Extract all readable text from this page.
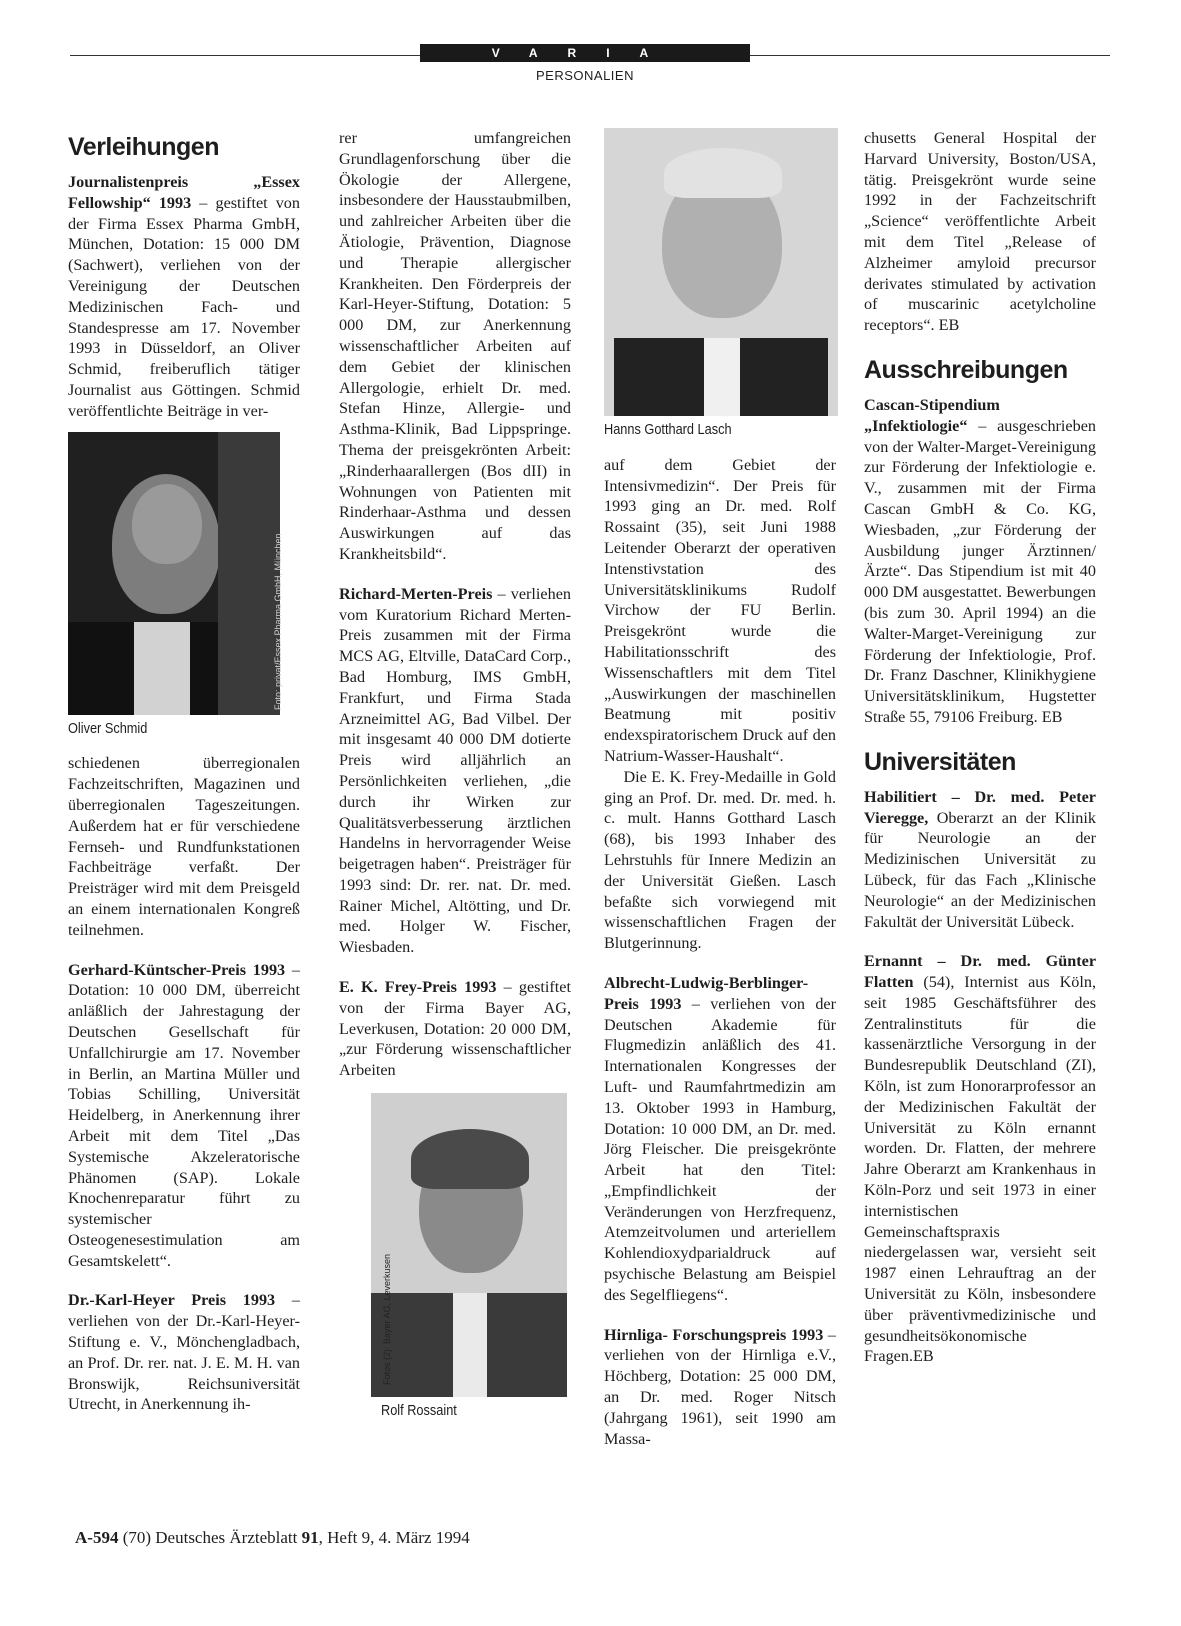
VARIA
PERSONALIEN
Verleihungen

Journalistenpreis „Essex Fellowship“ 1993 – gestiftet von der Firma Essex Pharma GmbH, München, Dotation: 15 000 DM (Sachwert), verliehen von der Vereinigung der Deutschen Medizinischen Fach- und Standespresse am 17. November 1993 in Düsseldorf, an Oliver Schmid, freiberuflich tätiger Journalist aus Göttingen. Schmid veröffentlichte Beiträge in ver-

Foto: privat/Essex Pharma GmbH, München
Oliver Schmid

schiedenen überregionalen Fachzeitschriften, Magazinen und überregionalen Tageszeitungen. Außerdem hat er für verschiedene Fernseh- und Rundfunkstationen Fachbeiträge verfaßt. Der Preisträger wird mit dem Preisgeld an einem internationalen Kongreß teilnehmen.

Gerhard-Küntscher-Preis 1993 – Dotation: 10 000 DM, überreicht anläßlich der Jahrestagung der Deutschen Gesellschaft für Unfallchirurgie am 17. November in Berlin, an Martina Müller und Tobias Schilling, Universität Heidelberg, in Anerkennung ihrer Arbeit mit dem Titel „Das Systemische Akzeleratorische Phänomen (SAP). Lokale Knochenreparatur führt zu systemischer Osteogenesestimulation am Gesamtskelett“.

Dr.-Karl-Heyer Preis 1993 – verliehen von der Dr.-Karl-Heyer-Stiftung e. V., Mönchengladbach, an Prof. Dr. rer. nat. J. E. M. H. van Bronswijk, Reichsuniversität Utrecht, in Anerkennung ih-

rer umfangreichen Grundlagenforschung über die Ökologie der Allergene, insbesondere der Hausstaubmilben, und zahlreicher Arbeiten über die Ätiologie, Prävention, Diagnose und Therapie allergischer Krankheiten. Den Förderpreis der Karl-Heyer-Stiftung, Dotation: 5 000 DM, zur Anerkennung wissenschaftlicher Arbeiten auf dem Gebiet der klinischen Allergologie, erhielt Dr. med. Stefan Hinze, Allergie- und Asthma-Klinik, Bad Lippspringe. Thema der preisgekrönten Arbeit: „Rinderhaarallergen (Bos dII) in Wohnungen von Patienten mit Rinderhaar-Asthma und dessen Auswirkungen auf das Krankheitsbild“.

Richard-Merten-Preis – verliehen vom Kuratorium Richard Merten-Preis zusammen mit der Firma MCS AG, Eltville, DataCard Corp., Bad Homburg, IMS GmbH, Frankfurt, und Firma Stada Arzneimittel AG, Bad Vilbel. Der mit insgesamt 40 000 DM dotierte Preis wird alljährlich an Persönlichkeiten verliehen, „die durch ihr Wirken zur Qualitätsverbesserung ärztlichen Handelns in hervorragender Weise beigetragen haben“. Preisträger für 1993 sind: Dr. rer. nat. Dr. med. Rainer Michel, Altötting, und Dr. med. Holger W. Fischer, Wiesbaden.

E. K. Frey-Preis 1993 – gestiftet von der Firma Bayer AG, Leverkusen, Dotation: 20 000 DM, „zur Förderung wissenschaftlicher Arbeiten

Fotos (2): Bayer AG, Leverkusen
Rolf Rossaint
Hanns Gotthard Lasch

auf dem Gebiet der Intensivmedizin“. Der Preis für 1993 ging an Dr. med. Rolf Rossaint (35), seit Juni 1988 Leitender Oberarzt der operativen Intenstivstation des Universitätsklinikums Rudolf Virchow der FU Berlin. Preisgekrönt wurde die Habilitationsschrift des Wissenschaftlers mit dem Titel „Auswirkungen der maschinellen Beatmung mit positiv endexspiratorischem Druck auf den Natrium-Wasser-Haushalt“.

Die E. K. Frey-Medaille in Gold ging an Prof. Dr. med. Dr. med. h. c. mult. Hanns Gotthard Lasch (68), bis 1993 Inhaber des Lehrstuhls für Innere Medizin an der Universität Gießen. Lasch befaßte sich vorwiegend mit wissenschaftlichen Fragen der Blutgerinnung.

Albrecht-Ludwig-Berblinger-Preis 1993 – verliehen von der Deutschen Akademie für Flugmedizin anläßlich des 41. Internationalen Kongresses der Luft- und Raumfahrtmedizin am 13. Oktober 1993 in Hamburg, Dotation: 10 000 DM, an Dr. med. Jörg Fleischer. Die preisgekrönte Arbeit hat den Titel: „Empfindlichkeit der Veränderungen von Herzfrequenz, Atemzeitvolumen und arteriellem Kohlendioxydparialdruck auf psychische Belastung am Beispiel des Segelfliegens“.

Hirnliga- Forschungspreis 1993 – verliehen von der Hirnliga e.V., Höchberg, Dotation: 25 000 DM, an Dr. med. Roger Nitsch (Jahrgang 1961), seit 1990 am Massa-

chusetts General Hospital der Harvard University, Boston/USA, tätig. Preisgekrönt wurde seine 1992 in der Fachzeitschrift „Science“ veröffentlichte Arbeit mit dem Titel „Release of Alzheimer amyloid precursor derivates stimulated by activation of muscarinic acetylcholine receptors“. EB

Ausschreibungen

Cascan-Stipendium „Infektiologie“ – ausgeschrieben von der Walter-Marget-Vereinigung zur Förderung der Infektiologie e. V., zusammen mit der Firma Cascan GmbH & Co. KG, Wiesbaden, „zur Förderung der Ausbildung junger Ärztinnen/Ärzte“. Das Stipendium ist mit 40 000 DM ausgestattet. Bewerbungen (bis zum 30. April 1994) an die Walter-Marget-Vereinigung zur Förderung der Infektiologie, Prof. Dr. Franz Daschner, Klinikhygiene Universitätsklinikum, Hugstetter Straße 55, 79106 Freiburg. EB

Universitäten

Habilitiert – Dr. med. Peter Vieregge, Oberarzt an der Klinik für Neurologie an der Medizinischen Universität zu Lübeck, für das Fach „Klinische Neurologie“ an der Medizinischen Fakultät der Universität Lübeck.

Ernannt – Dr. med. Günter Flatten (54), Internist aus Köln, seit 1985 Geschäftsführer des Zentralinstituts für die kassenärztliche Versorgung in der Bundesrepublik Deutschland (ZI), Köln, ist zum Honorarprofessor an der Medizinischen Fakultät der Universität zu Köln ernannt worden. Dr. Flatten, der mehrere Jahre Oberarzt am Krankenhaus in Köln-Porz und seit 1973 in einer internistischen Gemeinschaftspraxis niedergelassen war, versieht seit 1987 einen Lehrauftrag an der Universität zu Köln, insbesondere über präventivmedizinische und gesundheitsökonomische Fragen.EB

A-594 (70) Deutsches Ärzteblatt 91, Heft 9, 4. März 1994
